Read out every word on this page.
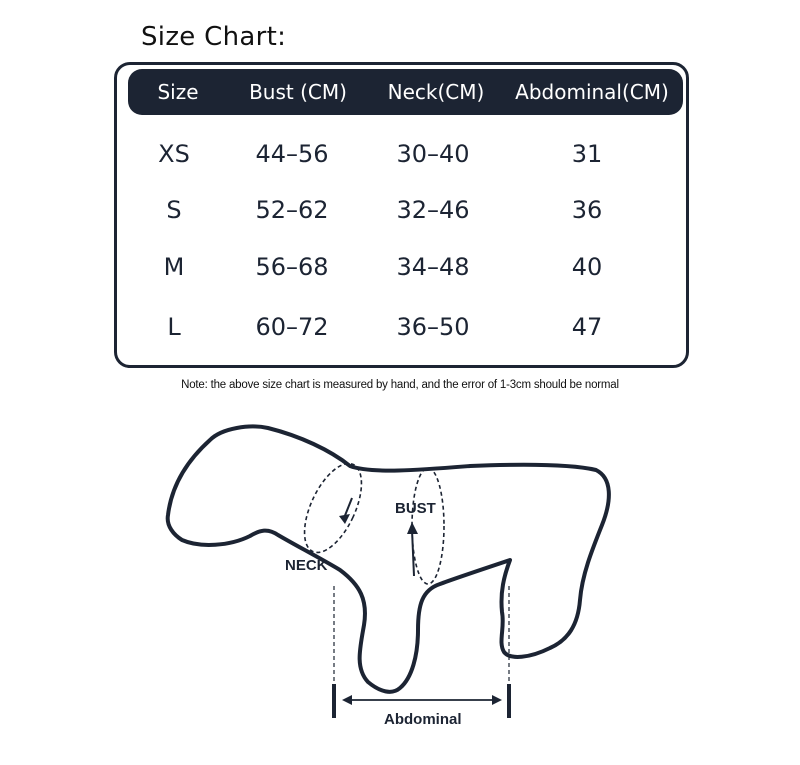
Size Chart:
Size	Bust (CM)	Neck(CM)	Abdominal(CM)
XS	44–56	30–40	31
S	52–62	32–46	36
M	56–68	34–48	40
L	60–72	36–50	47
Note: the above size chart is measured by hand, and the error of 1-3cm should be normal
BUST
NECK
Abdominal
